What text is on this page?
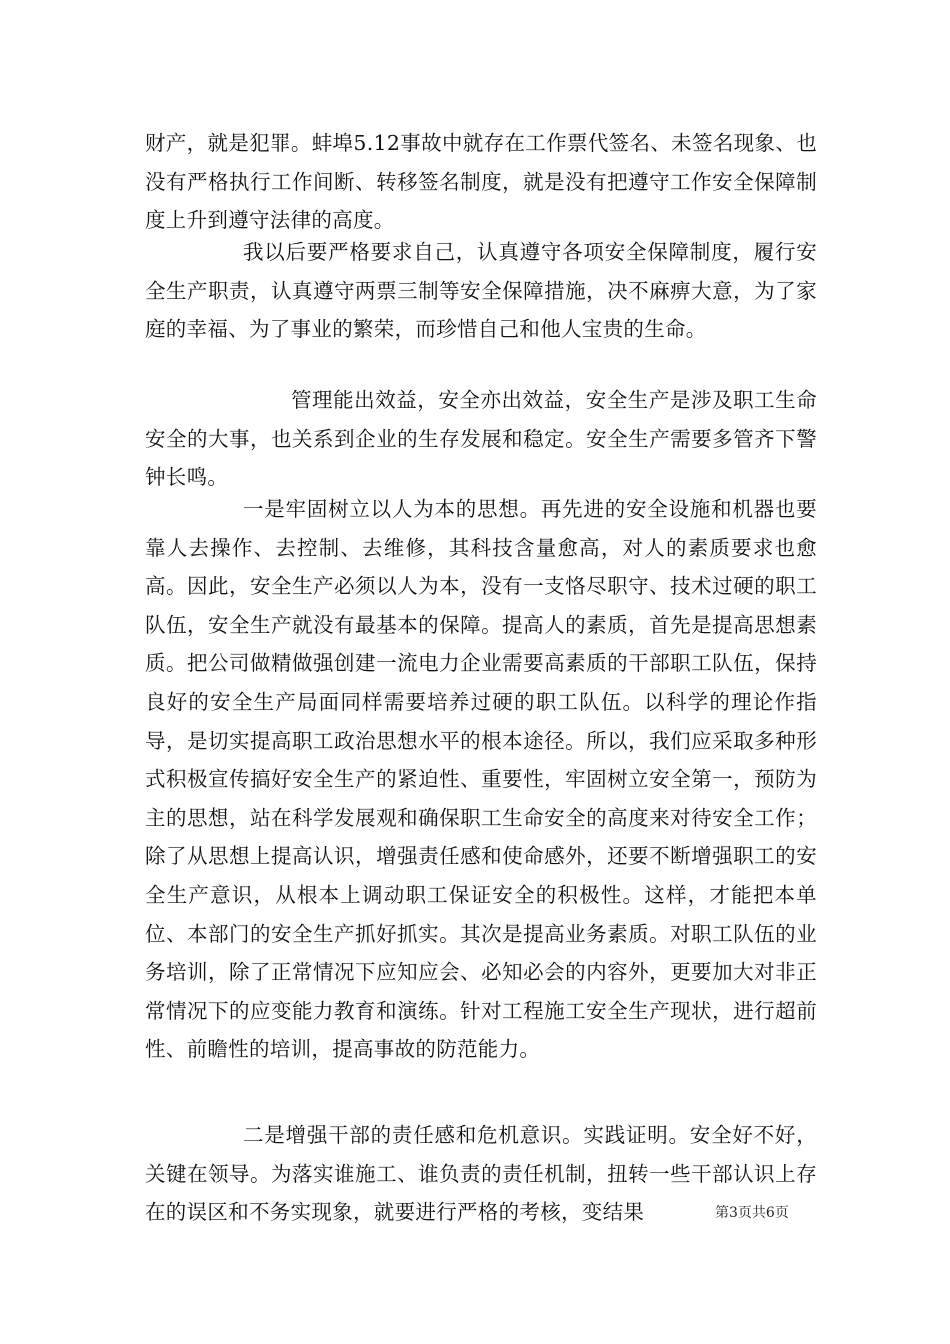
财产，就是犯罪。蚌埠5.12事故中就存在工作票代签名、未签名现象、也没有严格执行工作间断、转移签名制度，就是没有把遵守工作安全保障制度上升到遵守法律的高度。

我以后要严格要求自己，认真遵守各项安全保障制度，履行安全生产职责，认真遵守两票三制等安全保障措施，决不麻痹大意，为了家庭的幸福、为了事业的繁荣，而珍惜自己和他人宝贵的生命。

管理能出效益，安全亦出效益，安全生产是涉及职工生命安全的大事，也关系到企业的生存发展和稳定。安全生产需要多管齐下警钟长鸣。

一是牢固树立以人为本的思想。再先进的安全设施和机器也要靠人去操作、去控制、去维修，其科技含量愈高，对人的素质要求也愈高。因此，安全生产必须以人为本，没有一支恪尽职守、技术过硬的职工队伍，安全生产就没有最基本的保障。提高人的素质，首先是提高思想素质。把公司做精做强创建一流电力企业需要高素质的干部职工队伍，保持良好的安全生产局面同样需要培养过硬的职工队伍。以科学的理论作指导，是切实提高职工政治思想水平的根本途径。所以，我们应采取多种形式积极宣传搞好安全生产的紧迫性、重要性，牢固树立安全第一，预防为主的思想，站在科学发展观和确保职工生命安全的高度来对待安全工作；除了从思想上提高认识，增强责任感和使命感外，还要不断增强职工的安全生产意识，从根本上调动职工保证安全的积极性。这样，才能把本单位、本部门的安全生产抓好抓实。其次是提高业务素质。对职工队伍的业务培训，除了正常情况下应知应会、必知必会的内容外，更要加大对非正常情况下的应变能力教育和演练。针对工程施工安全生产现状，进行超前性、前瞻性的培训，提高事故的防范能力。

二是增强干部的责任感和危机意识。实践证明。安全好不好，关键在领导。为落实谁施工、谁负责的责任机制，扭转一些干部认识上存在的误区和不务实现象，就要进行严格的考核，变结果	第3页共6页
